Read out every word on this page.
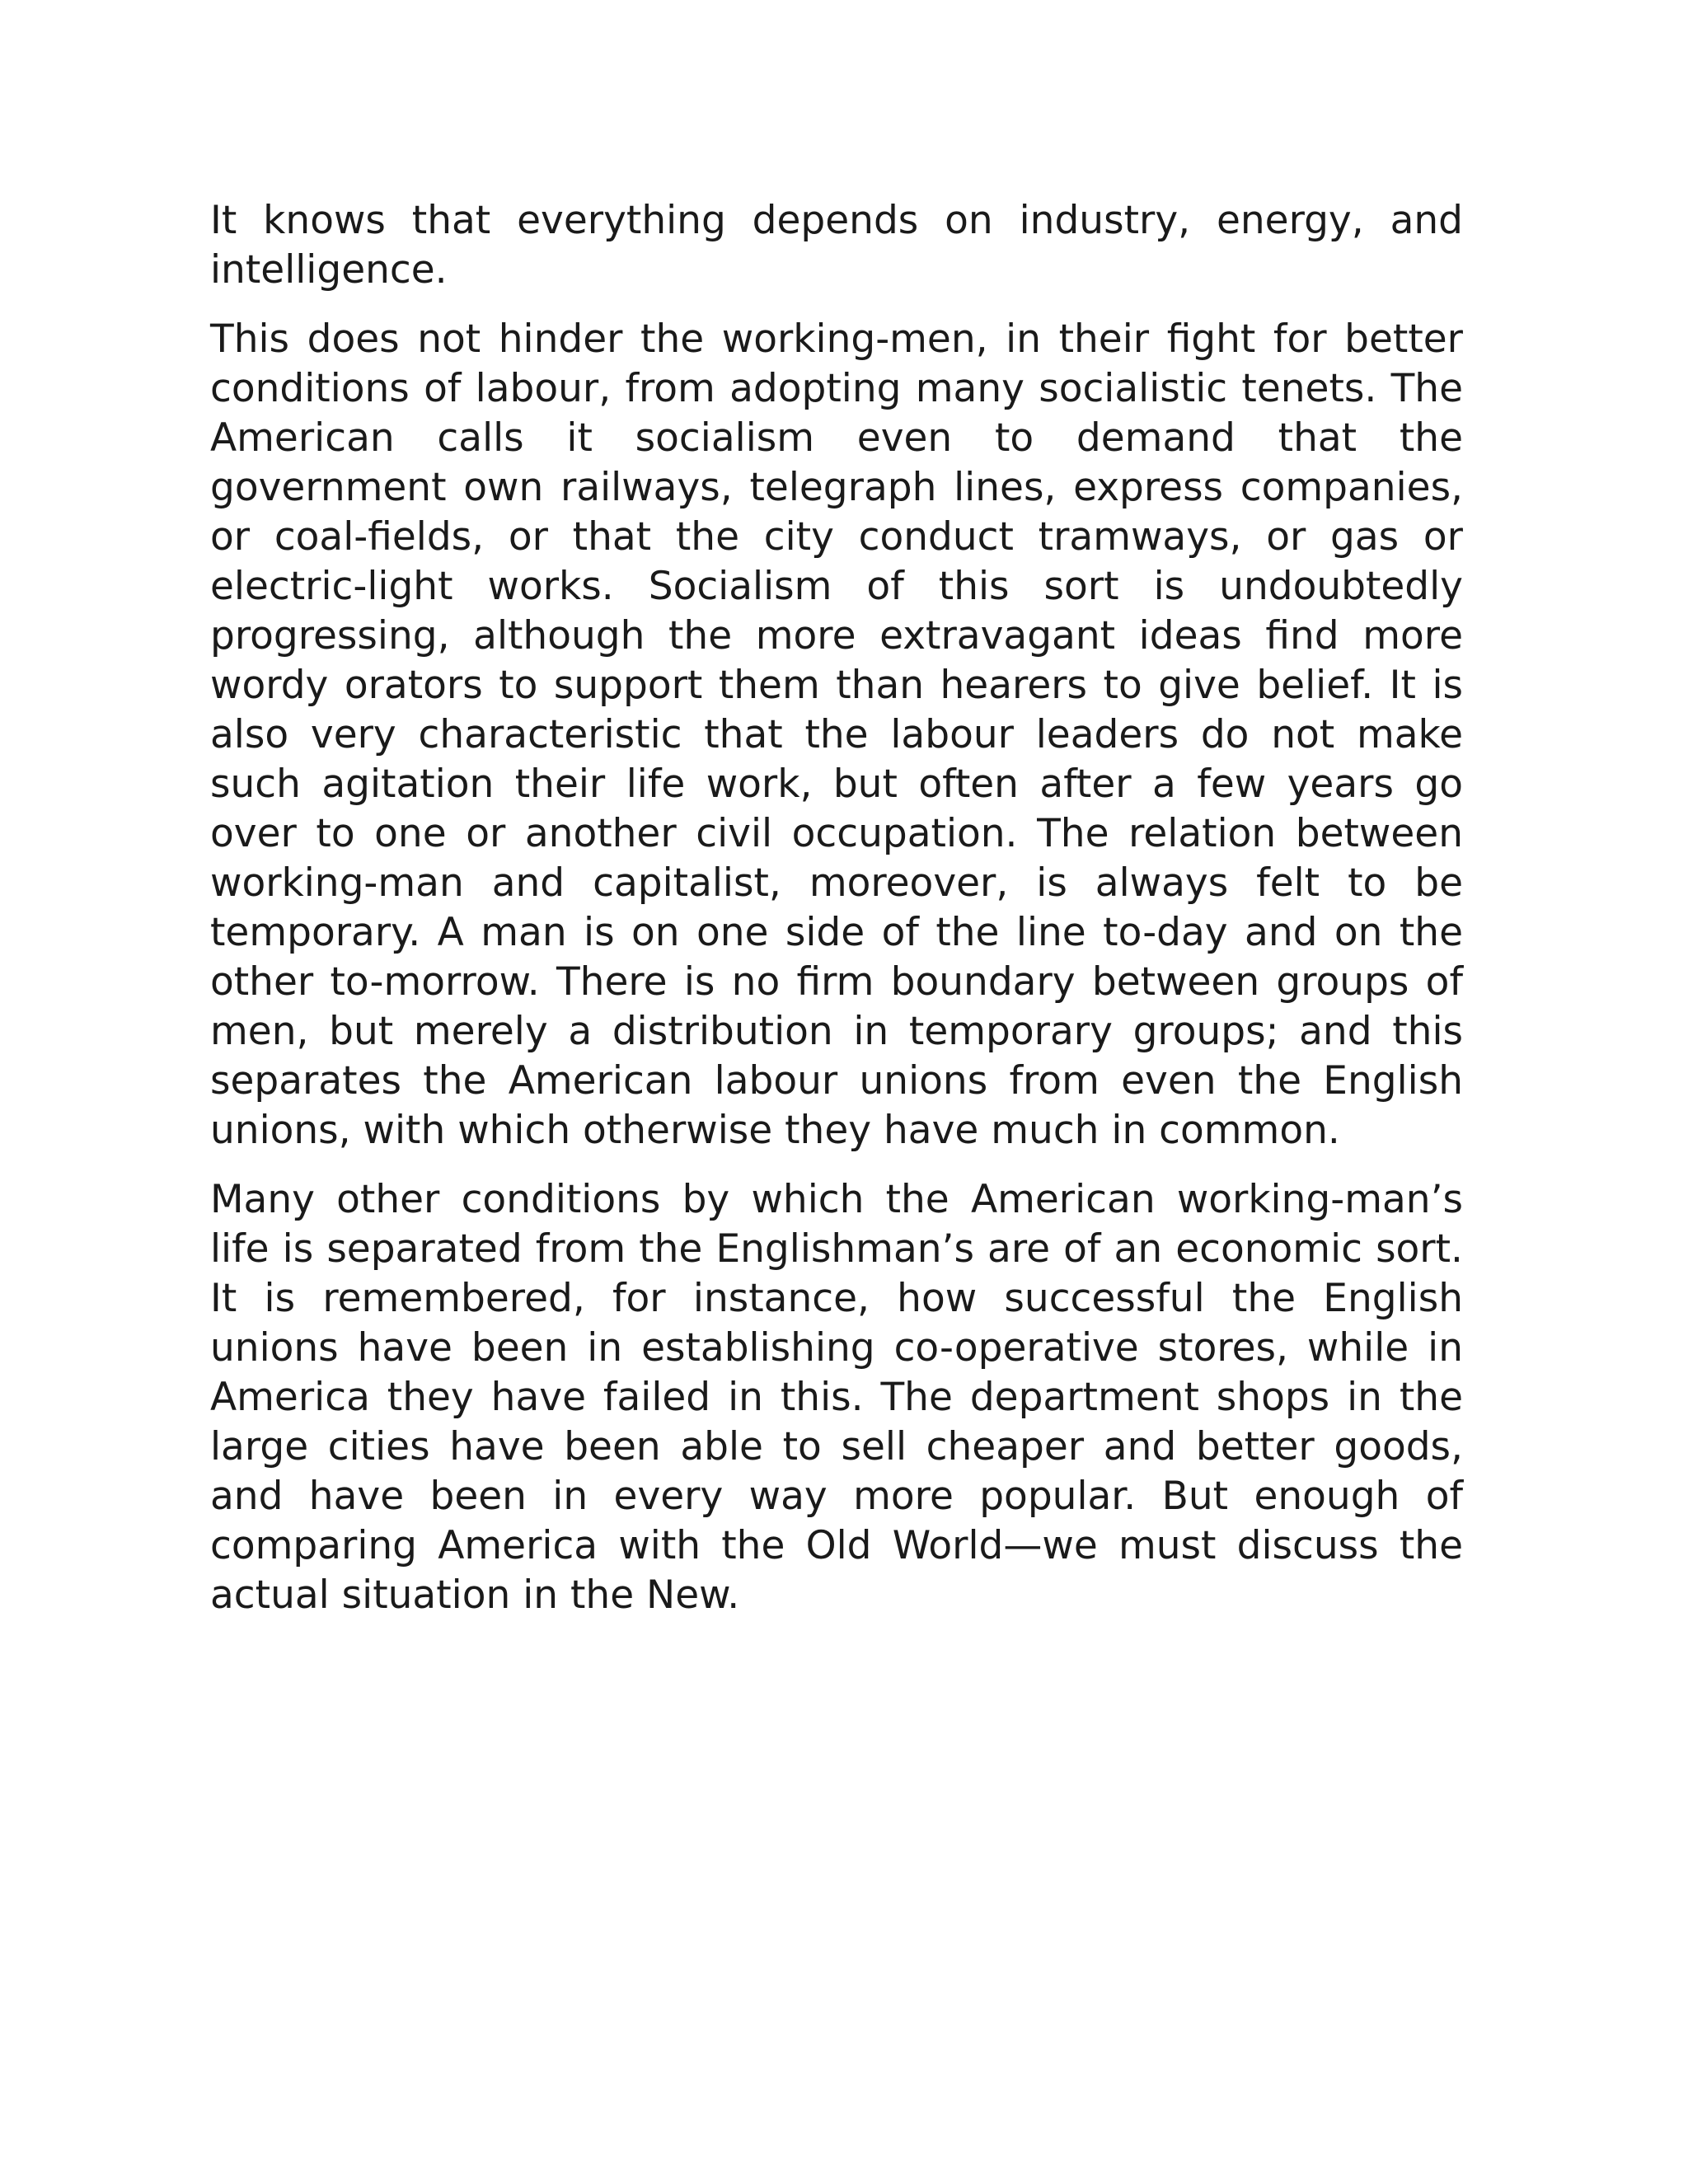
It knows that everything depends on industry, energy, and intelligence.

This does not hinder the working-men, in their fight for better conditions of labour, from adopting many socialistic tenets. The American calls it socialism even to demand that the government own railways, telegraph lines, express companies, or coal-fields, or that the city conduct tramways, or gas or electric-light works. Socialism of this sort is undoubtedly progressing, although the more extravagant ideas find more wordy orators to support them than hearers to give belief. It is also very characteristic that the labour leaders do not make such agitation their life work, but often after a few years go over to one or another civil occupation. The relation between working-man and capitalist, moreover, is always felt to be temporary. A man is on one side of the line to-day and on the other to-morrow. There is no firm boundary between groups of men, but merely a distribution in temporary groups; and this separates the American labour unions from even the English unions, with which otherwise they have much in common.

Many other conditions by which the American working-man’s life is separated from the Englishman’s are of an economic sort. It is remembered, for instance, how successful the English unions have been in establishing co-operative stores, while in America they have failed in this. The department shops in the large cities have been able to sell cheaper and better goods, and have been in every way more popular. But enough of comparing America with the Old World—we must discuss the actual situation in the New.
